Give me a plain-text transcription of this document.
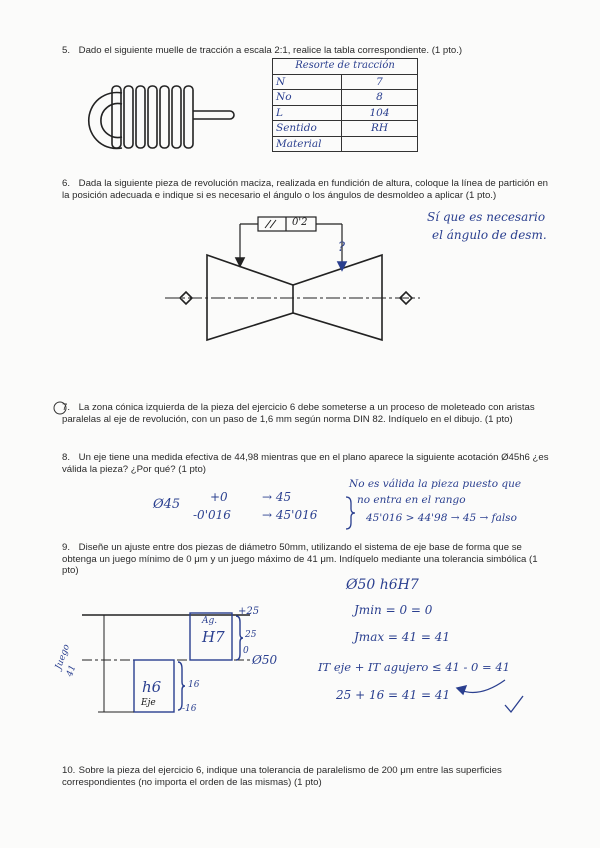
5. Dado el siguiente muelle de tracción a escala 2:1, realice la tabla correspondiente. (1 pto.)
6. Dada la siguiente pieza de revolución maciza, realizada en fundición de altura, coloque la línea de partición en la posición adecuada e indique si es necesario el ángulo o los ángulos de desmoldeo a aplicar (1 pto.)
7. La zona cónica izquierda de la pieza del ejercicio 6 debe someterse a un proceso de moleteado con aristas paralelas al eje de revolución, con un paso de 1,6 mm según norma DIN 82. Indíquelo en el dibujo. (1 pto)
8. Un eje tiene una medida efectiva de 44,98 mientras que en el plano aparece la siguiente acotación Ø45h6 ¿es válida la pieza? ¿Por qué? (1 pto)
9. Diseñe un ajuste entre dos piezas de diámetro 50mm, utilizando el sistema de eje base de forma que se obtenga un juego mínimo de 0 μm y un juego máximo de 41 μm. Indíquelo mediante una tolerancia simbólica (1 pto)
10. Sobre la pieza del ejercicio 6, indique una tolerancia de paralelismo de 200 μm entre las superficies correspondientes (no importa el orden de las mismas) (1 pto)
Resorte de tracción	
N	7
No	8
L	104
Sentido	RH
Material	
0'2
?
Sí que es necesario
el ángulo de desm.
Ø45 +0
-0'016
→ 45
→ 45'016
No es válida la pieza puesto que
no entra en el rango
45'016 > 44'98 → 45 → falso
Ø50 h6H7
Jmin = 0 = 0
Jmax = 41 = 41
IT eje + IT agujero ≤ 41 - 0 = 41
25 + 16 = 41 = 41
Ag.
H7
h6
Eje
+25
25
0
Ø50
16
-16
Juego
41
